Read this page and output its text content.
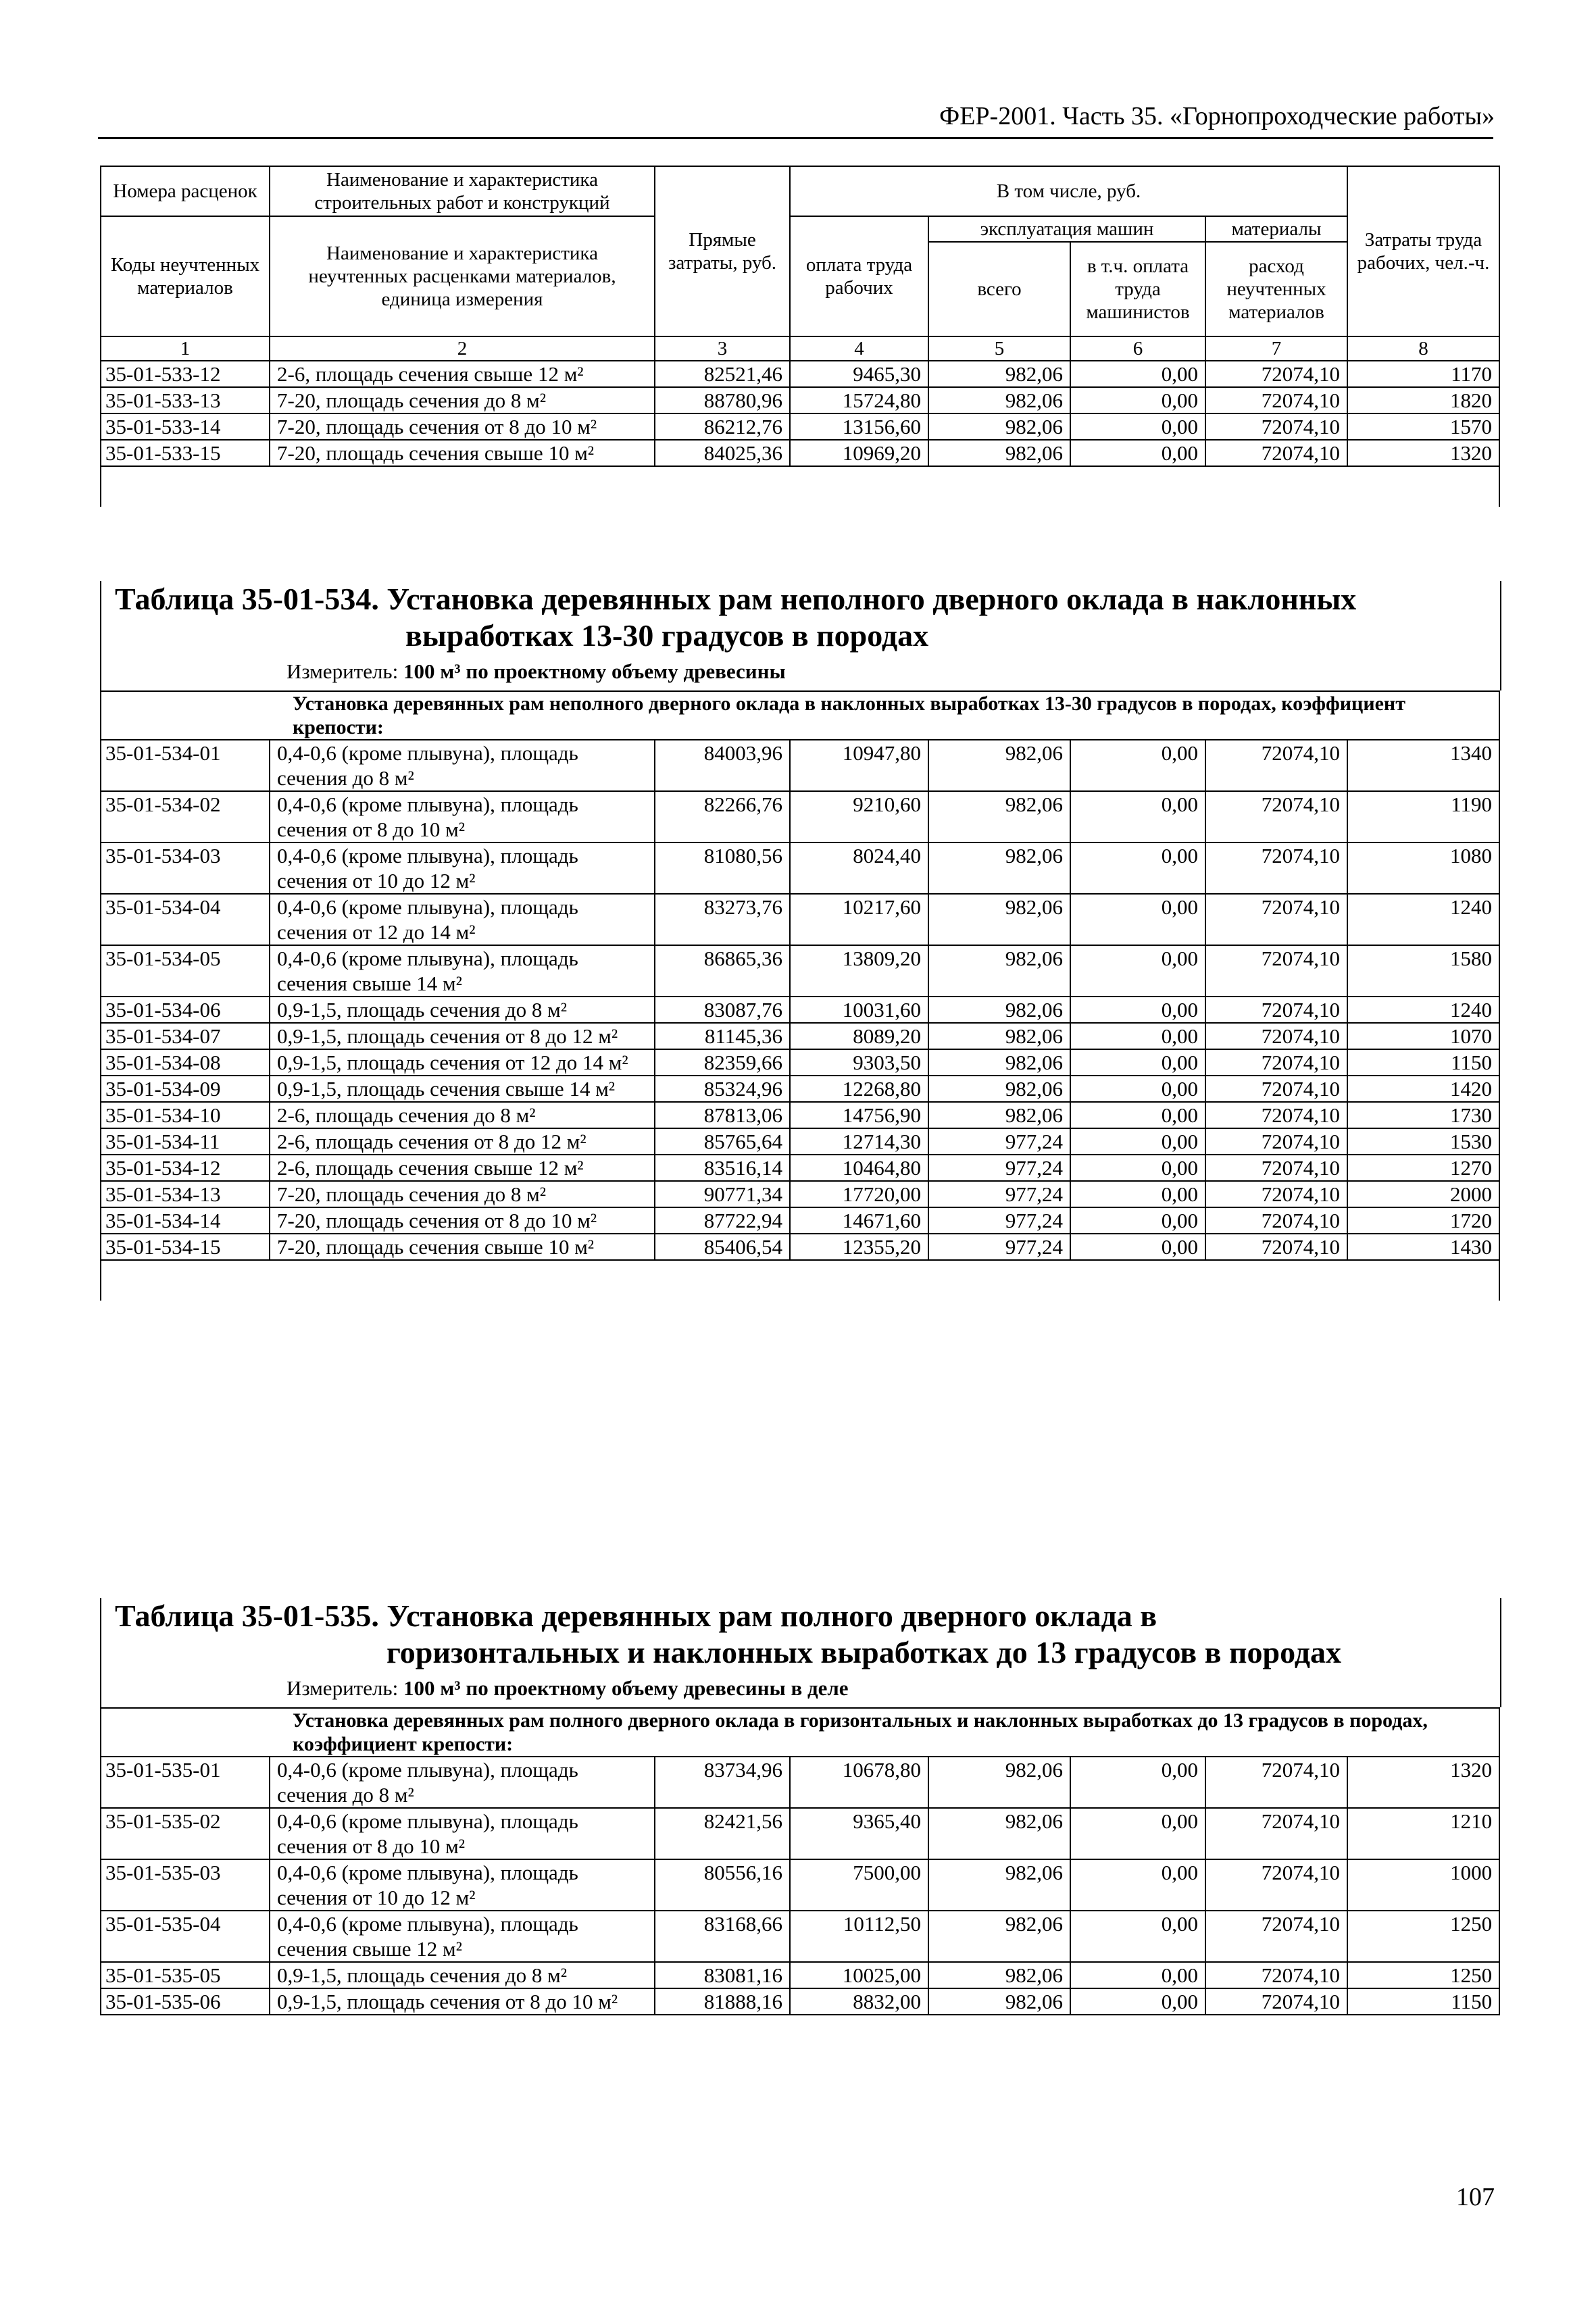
ФЕР-2001. Часть 35. «Горнопроходческие работы»
Номера расценок	Наименование и характеристика строительных работ и конструкций	Прямые затраты, руб.	В том числе, руб.				Затраты труда рабочих, чел.-ч.
Коды неучтенных материалов	Наименование и характеристика неучтенных расценками материалов, единица измерения		оплата труда рабочих	эксплуатация машин		материалы	
				всего	в т.ч. оплата труда машинистов	расход неучтенных материалов	
1	2	3	4	5	6	7	8
35-01-533-12	2-6, площадь сечения свыше 12 м²	82521,46	9465,30	982,06	0,00	72074,10	1170
35-01-533-13	7-20, площадь сечения до 8 м²	88780,96	15724,80	982,06	0,00	72074,10	1820
35-01-533-14	7-20, площадь сечения от 8 до 10 м²	86212,76	13156,60	982,06	0,00	72074,10	1570
35-01-533-15	7-20, площадь сечения свыше 10 м²	84025,36	10969,20	982,06	0,00	72074,10	1320

Таблица 35-01-534. Установка деревянных рам неполного дверного оклада в наклонных
выработках 13-30 градусов в породах
Измеритель: 100 м³ по проектному объему древесины
	Установка деревянных рам неполного дверного оклада в наклонных выработках 13-30 градусов в породах, коэффициент крепости:						
35-01-534-01	0,4-0,6 (кроме плывуна), площадь сечения до 8 м²	84003,96	10947,80	982,06	0,00	72074,10	1340
35-01-534-02	0,4-0,6 (кроме плывуна), площадь сечения от 8 до 10 м²	82266,76	9210,60	982,06	0,00	72074,10	1190
35-01-534-03	0,4-0,6 (кроме плывуна), площадь сечения от 10 до 12 м²	81080,56	8024,40	982,06	0,00	72074,10	1080
35-01-534-04	0,4-0,6 (кроме плывуна), площадь сечения от 12 до 14 м²	83273,76	10217,60	982,06	0,00	72074,10	1240
35-01-534-05	0,4-0,6 (кроме плывуна), площадь сечения свыше 14 м²	86865,36	13809,20	982,06	0,00	72074,10	1580
35-01-534-06	0,9-1,5, площадь сечения до 8 м²	83087,76	10031,60	982,06	0,00	72074,10	1240
35-01-534-07	0,9-1,5, площадь сечения от 8 до 12 м²	81145,36	8089,20	982,06	0,00	72074,10	1070
35-01-534-08	0,9-1,5, площадь сечения от 12 до 14 м²	82359,66	9303,50	982,06	0,00	72074,10	1150
35-01-534-09	0,9-1,5, площадь сечения свыше 14 м²	85324,96	12268,80	982,06	0,00	72074,10	1420
35-01-534-10	2-6, площадь сечения до 8 м²	87813,06	14756,90	982,06	0,00	72074,10	1730
35-01-534-11	2-6, площадь сечения от 8 до 12 м²	85765,64	12714,30	977,24	0,00	72074,10	1530
35-01-534-12	2-6, площадь сечения свыше 12 м²	83516,14	10464,80	977,24	0,00	72074,10	1270
35-01-534-13	7-20, площадь сечения до 8 м²	90771,34	17720,00	977,24	0,00	72074,10	2000
35-01-534-14	7-20, площадь сечения от 8 до 10 м²	87722,94	14671,60	977,24	0,00	72074,10	1720
35-01-534-15	7-20, площадь сечения свыше 10 м²	85406,54	12355,20	977,24	0,00	72074,10	1430

Таблица 35-01-535. Установка деревянных рам полного дверного оклада в
горизонтальных и наклонных выработках до 13 градусов в породах
Измеритель: 100 м³ по проектному объему древесины в деле
	Установка деревянных рам полного дверного оклада в горизонтальных и наклонных выработках до 13 градусов в породах, коэффициент крепости:						
35-01-535-01	0,4-0,6 (кроме плывуна), площадь сечения до 8 м²	83734,96	10678,80	982,06	0,00	72074,10	1320
35-01-535-02	0,4-0,6 (кроме плывуна), площадь сечения от 8 до 10 м²	82421,56	9365,40	982,06	0,00	72074,10	1210
35-01-535-03	0,4-0,6 (кроме плывуна), площадь сечения от 10 до 12 м²	80556,16	7500,00	982,06	0,00	72074,10	1000
35-01-535-04	0,4-0,6 (кроме плывуна), площадь сечения свыше 12 м²	83168,66	10112,50	982,06	0,00	72074,10	1250
35-01-535-05	0,9-1,5, площадь сечения до 8 м²	83081,16	10025,00	982,06	0,00	72074,10	1250
35-01-535-06	0,9-1,5, площадь сечения от 8 до 10 м²	81888,16	8832,00	982,06	0,00	72074,10	1150
107
